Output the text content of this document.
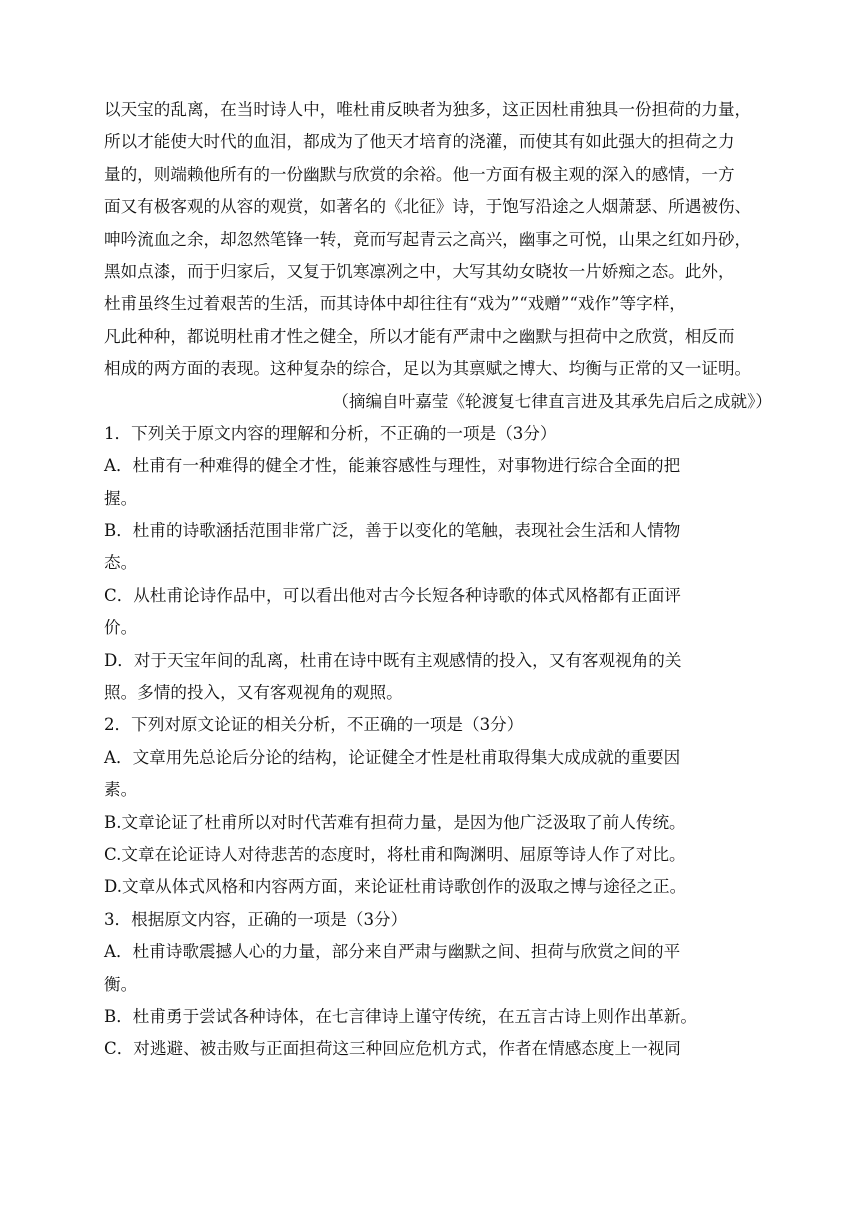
以天宝的乱离，在当时诗人中，唯杜甫反映者为独多，这正因杜甫独具一份担荷的力量，
所以才能使大时代的血泪，都成为了他天才培育的浇灌，而使其有如此强大的担荷之力
量的，则端赖他所有的一份幽默与欣赏的余裕。他一方面有极主观的深入的感情，一方
面又有极客观的从容的观赏，如著名的《北征》诗，于饱写沿途之人烟萧瑟、所遇被伤、
呻吟流血之余，却忽然笔锋一转，竟而写起青云之高兴，幽事之可悦，山果之红如丹砂，
黑如点漆，而于归家后，又复于饥寒凛冽之中，大写其幼女晓妆一片娇痴之态。此外，
杜甫虽终生过着艰苦的生活，而其诗体中却往往有“戏为”“戏赠”“戏作”等字样，
凡此种种，都说明杜甫才性之健全，所以才能有严肃中之幽默与担荷中之欣赏，相反而
相成的两方面的表现。这种复杂的综合，足以为其禀赋之博大、均衡与正常的又一证明。
（摘编自叶嘉莹《轮渡复七律直言进及其承先启后之成就》）
1．下列关于原文内容的理解和分析，不正确的一项是（3分）
A．杜甫有一种难得的健全才性，能兼容感性与理性，对事物进行综合全面的把
握。
B．杜甫的诗歌涵括范围非常广泛，善于以变化的笔触，表现社会生活和人情物
态。
C．从杜甫论诗作品中，可以看出他对古今长短各种诗歌的体式风格都有正面评
价。
D．对于天宝年间的乱离，杜甫在诗中既有主观感情的投入，又有客观视角的关
照。多情的投入，又有客观视角的观照。
2．下列对原文论证的相关分析，不正确的一项是（3分）
A．文章用先总论后分论的结构，论证健全才性是杜甫取得集大成成就的重要因
素。
B.文章论证了杜甫所以对时代苦难有担荷力量，是因为他广泛汲取了前人传统。
C.文章在论证诗人对待悲苦的态度时，将杜甫和陶渊明、屈原等诗人作了对比。
D.文章从体式风格和内容两方面，来论证杜甫诗歌创作的汲取之博与途径之正。
3．根据原文内容，正确的一项是（3分）
A．杜甫诗歌震撼人心的力量，部分来自严肃与幽默之间、担荷与欣赏之间的平
衡。
B．杜甫勇于尝试各种诗体，在七言律诗上谨守传统，在五言古诗上则作出革新。
C．对逃避、被击败与正面担荷这三种回应危机方式，作者在情感态度上一视同
